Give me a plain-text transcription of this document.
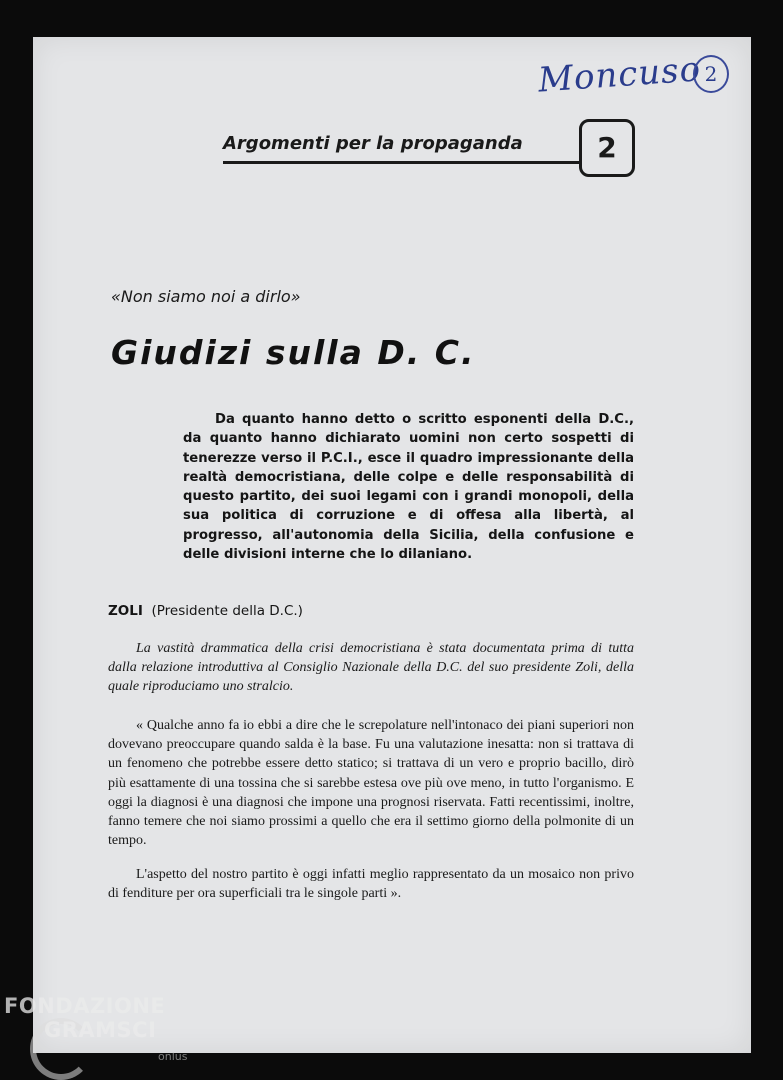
Moncuso 2
Argomenti per la propaganda	2
«Non siamo noi a dirlo»
Giudizi sulla D. C.
Da quanto hanno detto o scritto esponenti della D.C., da quanto hanno dichiarato uomini non certo sospetti di tenerezze verso il P.C.I., esce il quadro impressionante della realtà democristiana, delle colpe e delle responsabilità di questo partito, dei suoi legami con i grandi monopoli, della sua politica di corruzione e di offesa alla libertà, al progresso, all'autonomia della Sicilia, della confusione e delle divisioni interne che lo dilaniano.
ZOLI (Presidente della D.C.)
La vastità drammatica della crisi democristiana è stata documentata prima di tutta dalla relazione introduttiva al Consiglio Nazionale della D.C. del suo presidente Zoli, della quale riproduciamo uno stralcio.
« Qualche anno fa io ebbi a dire che le screpolature nell'intonaco dei piani superiori non dovevano preoccupare quando salda è la base. Fu una valutazione inesatta: non si trattava di un fenomeno che potrebbe essere detto statico; si trattava di un vero e proprio bacillo, dirò più esattamente di una tossina che si sarebbe estesa ove più ove meno, in tutto l'organismo. E oggi la diagnosi è una diagnosi che impone una prognosi riservata. Fatti recentissimi, inoltre, fanno temere che noi siamo prossimi a quello che era il settimo giorno della polmonite di un tempo.
L'aspetto del nostro partito è oggi infatti meglio rappresentato da un mosaico non privo di fenditure per ora superficiali tra le singole parti ».
FONDAZIONE
GRAMSCI
onlus
